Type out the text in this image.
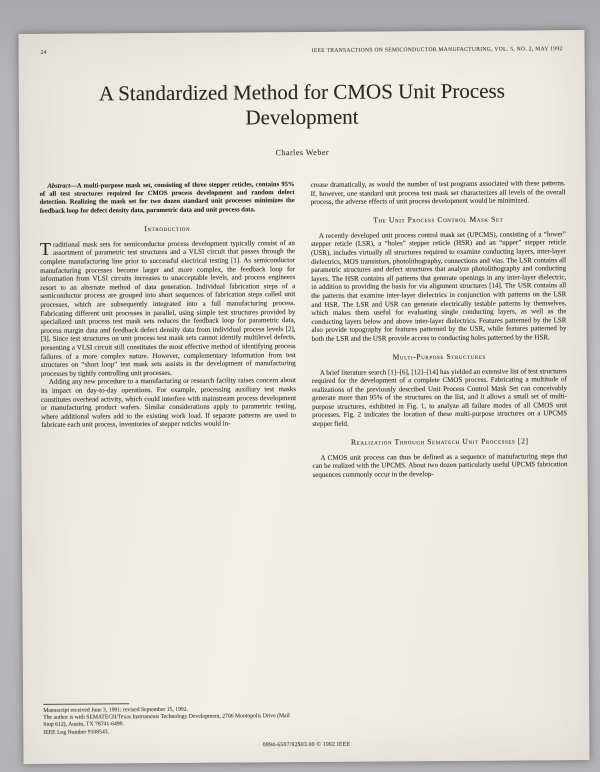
24	IEEE TRANSACTIONS ON SEMICONDUCTOR MANUFACTURING, VOL. 5, NO. 2, MAY 1992
A Standardized Method for CMOS Unit Process Development
Charles Weber

Abstract—A multi-purpose mask set, consisting of three stepper reticles, contains 95% of all test structures required for CMOS process development and random defect detection. Realizing the mask set for two dozen standard unit processes minimizes the feedback loop for defect density data, parametric data and unit process data.

Introduction

Traditional mask sets for semiconductor process development typically consist of an assortment of parametric test structures and a VLSI circuit that passes through the complete manufacturing line prior to successful electrical testing [1]. As semiconductor manufacturing processes become larger and more complex, the feedback loop for information from VLSI circuits increases to unacceptable levels, and process engineers resort to an alternate method of data generation. Individual fabrication steps of a semiconductor process are grouped into short sequences of fabrication steps called unit processes, which are subsequently integrated into a full manufacturing process. Fabricating different unit processes in parallel, using simple test structures provided by specialized unit process test mask sets reduces the feedback loop for parametric data, process margin data and feedback defect density data from individual process levels [2], [3]. Since test structures on unit process test mask sets cannot identify multilevel defects, presenting a VLSI circuit still constitutes the most effective method of identifying process failures of a more complex nature. However, complementary information from test structures on “short loop” test mask sets assists in the development of manufacturing processes by tightly controlling unit processes.

Adding any new procedure to a manufacturing or research facility raises concern about its impact on day-to-day operations. For example, processing auxiliary test masks constitutes overhead activity, which could interfere with mainstream process development or manufacturing product wafers. Similar considerations apply to parametric testing, where additional wafers add to the existing work load. If separate patterns are used to fabricate each unit process, inventories of stepper reticles would in-

Manuscript received June 3, 1991; revised September 15, 1992.

The author is with SEMATECH/Texas Instruments Technology Development, 2706 Montopolis Drive (Mail Stop 612), Austin, TX 78741-6499.

IEEE Log Number 9108543.

crease dramatically, as would the number of test programs associated with these patterns. If, however, one standard unit process test mask set characterizes all levels of the overall process, the adverse effects of unit process development would be minimized.

The Unit Process Control Mask Set

A recently developed unit process control mask set (UPCMS), consisting of a “lower” stepper reticle (LSR), a “holes” stepper reticle (HSR) and an “upper” stepper reticle (USR), includes virtually all structures required to examine conducting layers, inter-layer dielectrics, MOS transistors, photolithography, connections and vias. The LSR contains all parametric structures and defect structures that analyze photolithography and conducting layers. The HSR contains all patterns that generate openings in any inter-layer dielectric, in addition to providing the basis for via alignment structures [14]. The USR contains all the patterns that examine inter-layer dielectrics in conjunction with patterns on the LSR and HSR. The LSR and USR can generate electrically testable patterns by themselves, which makes them useful for evaluating single conducting layers, as well as the conducting layers below and above inter-layer dielectrics. Features patterned by the LSR also provide topography for features patterned by the USR, while features patterned by both the LSR and the USR provide access to conducting holes patterned by the HSR.

Multi-Purpose Structures

A brief literature search [1]–[6], [12]–[14] has yielded an extensive list of test structures required for the development of a complete CMOS process. Fabricating a multitude of realizations of the previously described Unit Process Control Mask Set can conceivably generate more than 95% of the structures on the list, and it allows a small set of multi-purpose structures, exhibited in Fig. 1, to analyze all failure modes of all CMOS unit processes. Fig. 2 indicates the location of these multi-purpose structures on a UPCMS stepper field.

Realization Through Sematech Unit Processes [2]

A CMOS unit process can thus be defined as a sequence of manufacturing steps that can be realized with the UPCMS. About two dozen particularly useful UPCMS fabrication sequences commonly occur in the develop-

0894-6507/92$03.00 © 1992 IEEE
